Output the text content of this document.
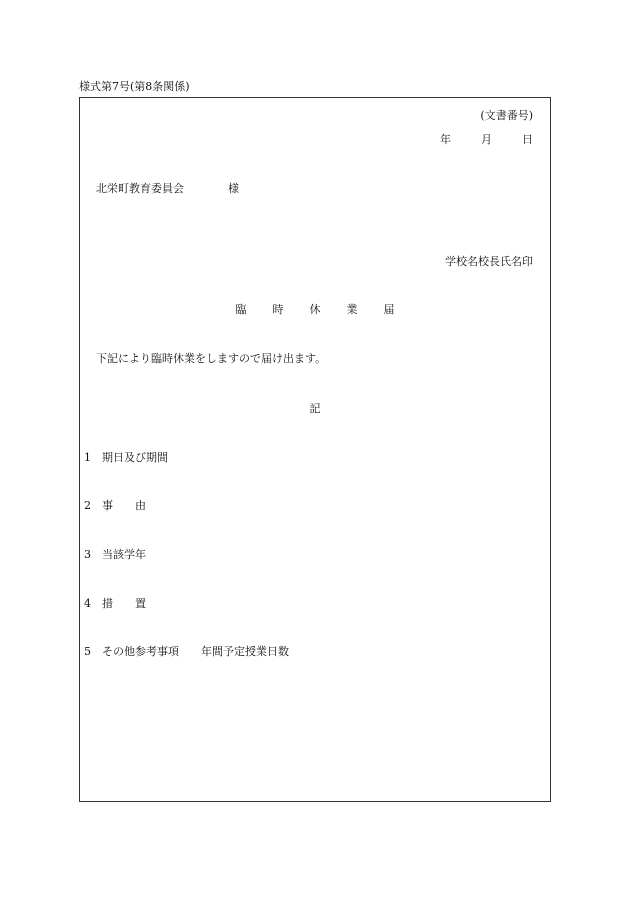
様式第7号(第8条関係)
(文書番号)
年	月	日
北栄町教育委員会	様
学校名校長氏名印
臨 時 休 業 届
下記により臨時休業をしますので届け出ます。
記
1 期日及び期間
2 事 由
3 当該学年
4 措 置
5 その他参考事項 年間予定授業日数
